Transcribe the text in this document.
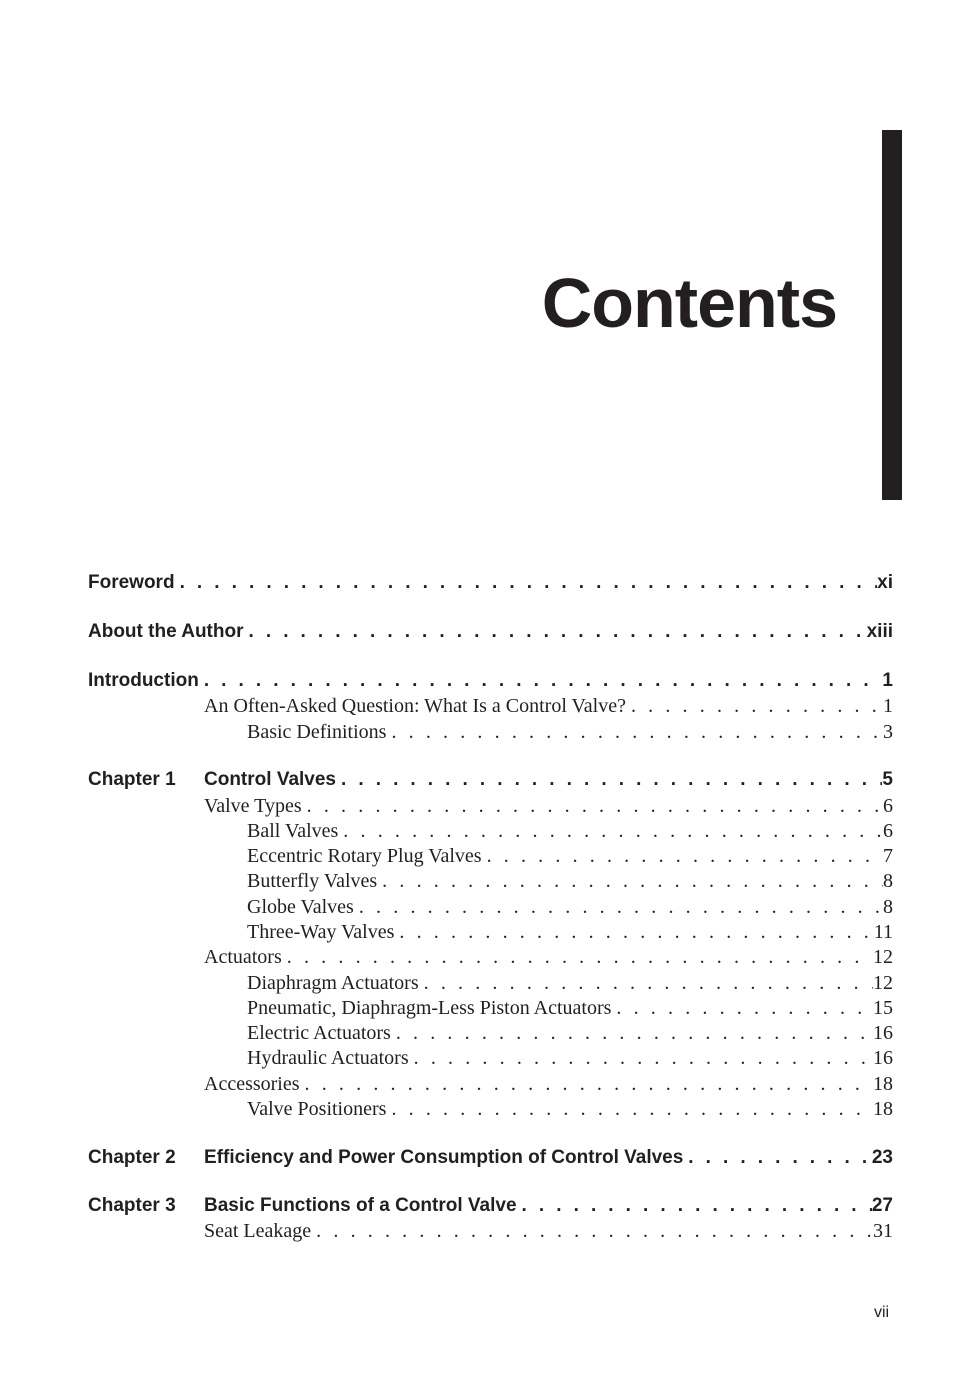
Contents
Foreword . . .	xi
About the Author . . .	xiii
Introduction . . .	1
An Often-Asked Question: What Is a Control Valve? . . .	1
Basic Definitions . . .	3
Chapter 1 Control Valves . . .	5
Valve Types . . .	6
Ball Valves . . .	6
Eccentric Rotary Plug Valves . . .	7
Butterfly Valves . . .	8
Globe Valves . . .	8
Three-Way Valves . . .	11
Actuators . . .	12
Diaphragm Actuators . . .	12
Pneumatic, Diaphragm-Less Piston Actuators . . .	15
Electric Actuators . . .	16
Hydraulic Actuators . . .	16
Accessories . . .	18
Valve Positioners . . .	18
Chapter 2 Efficiency and Power Consumption of Control Valves . . .	23
Chapter 3 Basic Functions of a Control Valve . . .	27
Seat Leakage . . .	31
vii
